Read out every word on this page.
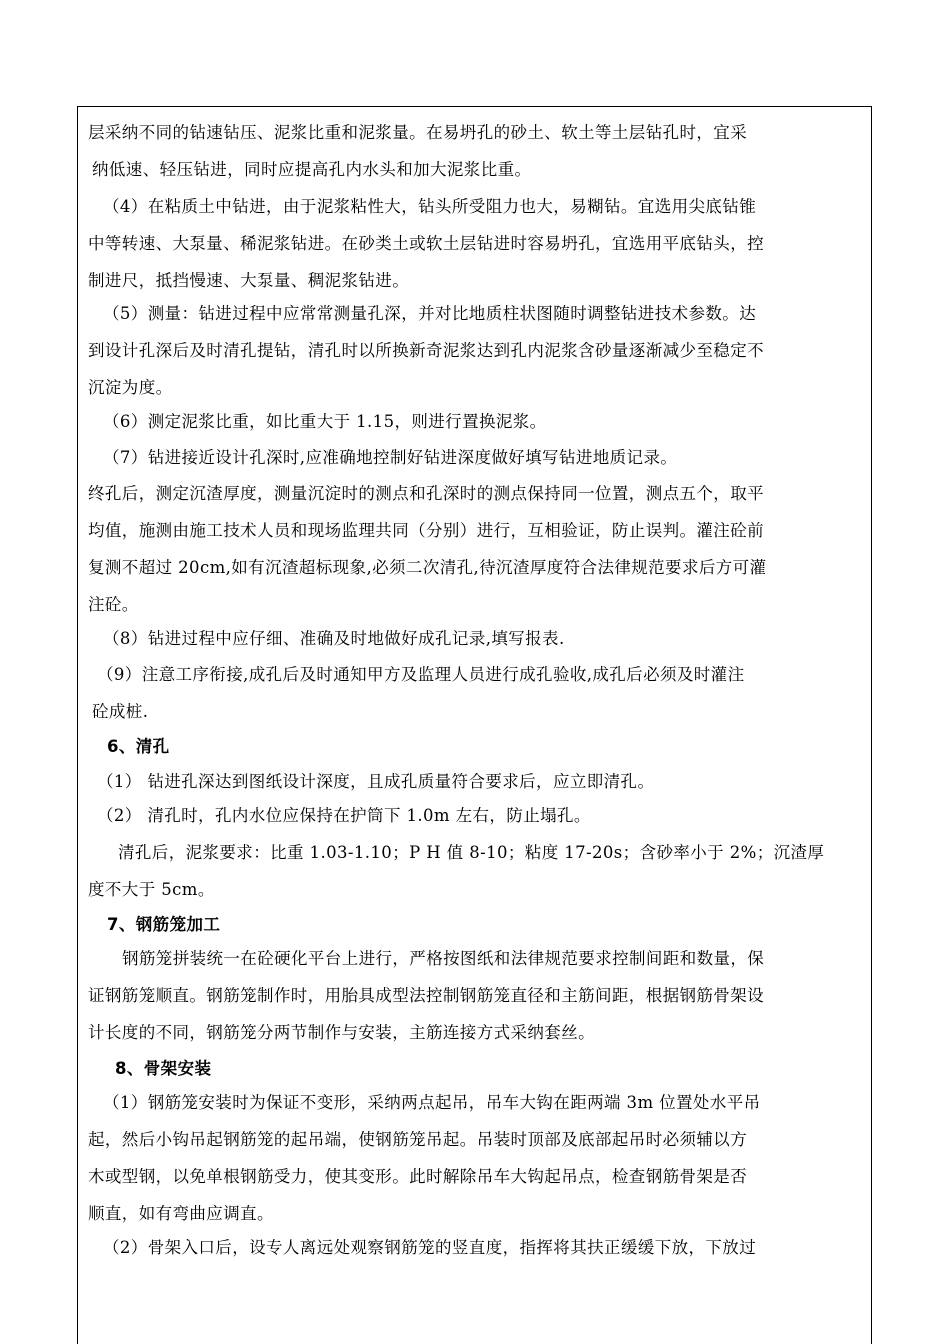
层采纳不同的钻速钻压、泥浆比重和泥浆量。在易坍孔的砂土、软土等土层钻孔时，宜采
纳低速、轻压钻进，同时应提高孔内水头和加大泥浆比重。
（4）在粘质土中钻进，由于泥浆粘性大，钻头所受阻力也大，易糊钻。宜选用尖底钻锥
中等转速、大泵量、稀泥浆钻进。在砂类土或软土层钻进时容易坍孔，宜选用平底钻头，控
制进尺，抵挡慢速、大泵量、稠泥浆钻进。
（5）测量：钻进过程中应常常测量孔深，并对比地质柱状图随时调整钻进技术参数。达
到设计孔深后及时清孔提钻，清孔时以所换新奇泥浆达到孔内泥浆含砂量逐渐减少至稳定不
沉淀为度。
（6）测定泥浆比重，如比重大于 1.15，则进行置换泥浆。
（7）钻进接近设计孔深时,应准确地控制好钻进深度做好填写钻进地质记录。
终孔后，测定沉渣厚度，测量沉淀时的测点和孔深时的测点保持同一位置，测点五个，取平
均值，施测由施工技术人员和现场监理共同（分别）进行，互相验证，防止误判。灌注砼前
复测不超过 20cm,如有沉渣超标现象,必须二次清孔,待沉渣厚度符合法律规范要求后方可灌
注砼。
（8）钻进过程中应仔细、准确及时地做好成孔记录,填写报表.
（9）注意工序衔接,成孔后及时通知甲方及监理人员进行成孔验收,成孔后必须及时灌注
砼成桩.
6、清孔
（1） 钻进孔深达到图纸设计深度，且成孔质量符合要求后，应立即清孔。
（2） 清孔时，孔内水位应保持在护筒下 1.0m 左右，防止塌孔。
清孔后，泥浆要求：比重 1.03-1.10；P H 值 8-10；粘度 17-20s；含砂率小于 2%；沉渣厚
度不大于 5cm。
7、钢筋笼加工
钢筋笼拼装统一在砼硬化平台上进行，严格按图纸和法律规范要求控制间距和数量，保
证钢筋笼顺直。钢筋笼制作时，用胎具成型法控制钢筋笼直径和主筋间距，根据钢筋骨架设
计长度的不同，钢筋笼分两节制作与安装，主筋连接方式采纳套丝。
8、骨架安装
（1）钢筋笼安装时为保证不变形，采纳两点起吊，吊车大钩在距两端 3m 位置处水平吊
起，然后小钩吊起钢筋笼的起吊端，使钢筋笼吊起。吊装时顶部及底部起吊时必须辅以方
木或型钢，以免单根钢筋受力，使其变形。此时解除吊车大钩起吊点，检查钢筋骨架是否
顺直，如有弯曲应调直。
（2）骨架入口后，设专人离远处观察钢筋笼的竖直度，指挥将其扶正缓缓下放，下放过
